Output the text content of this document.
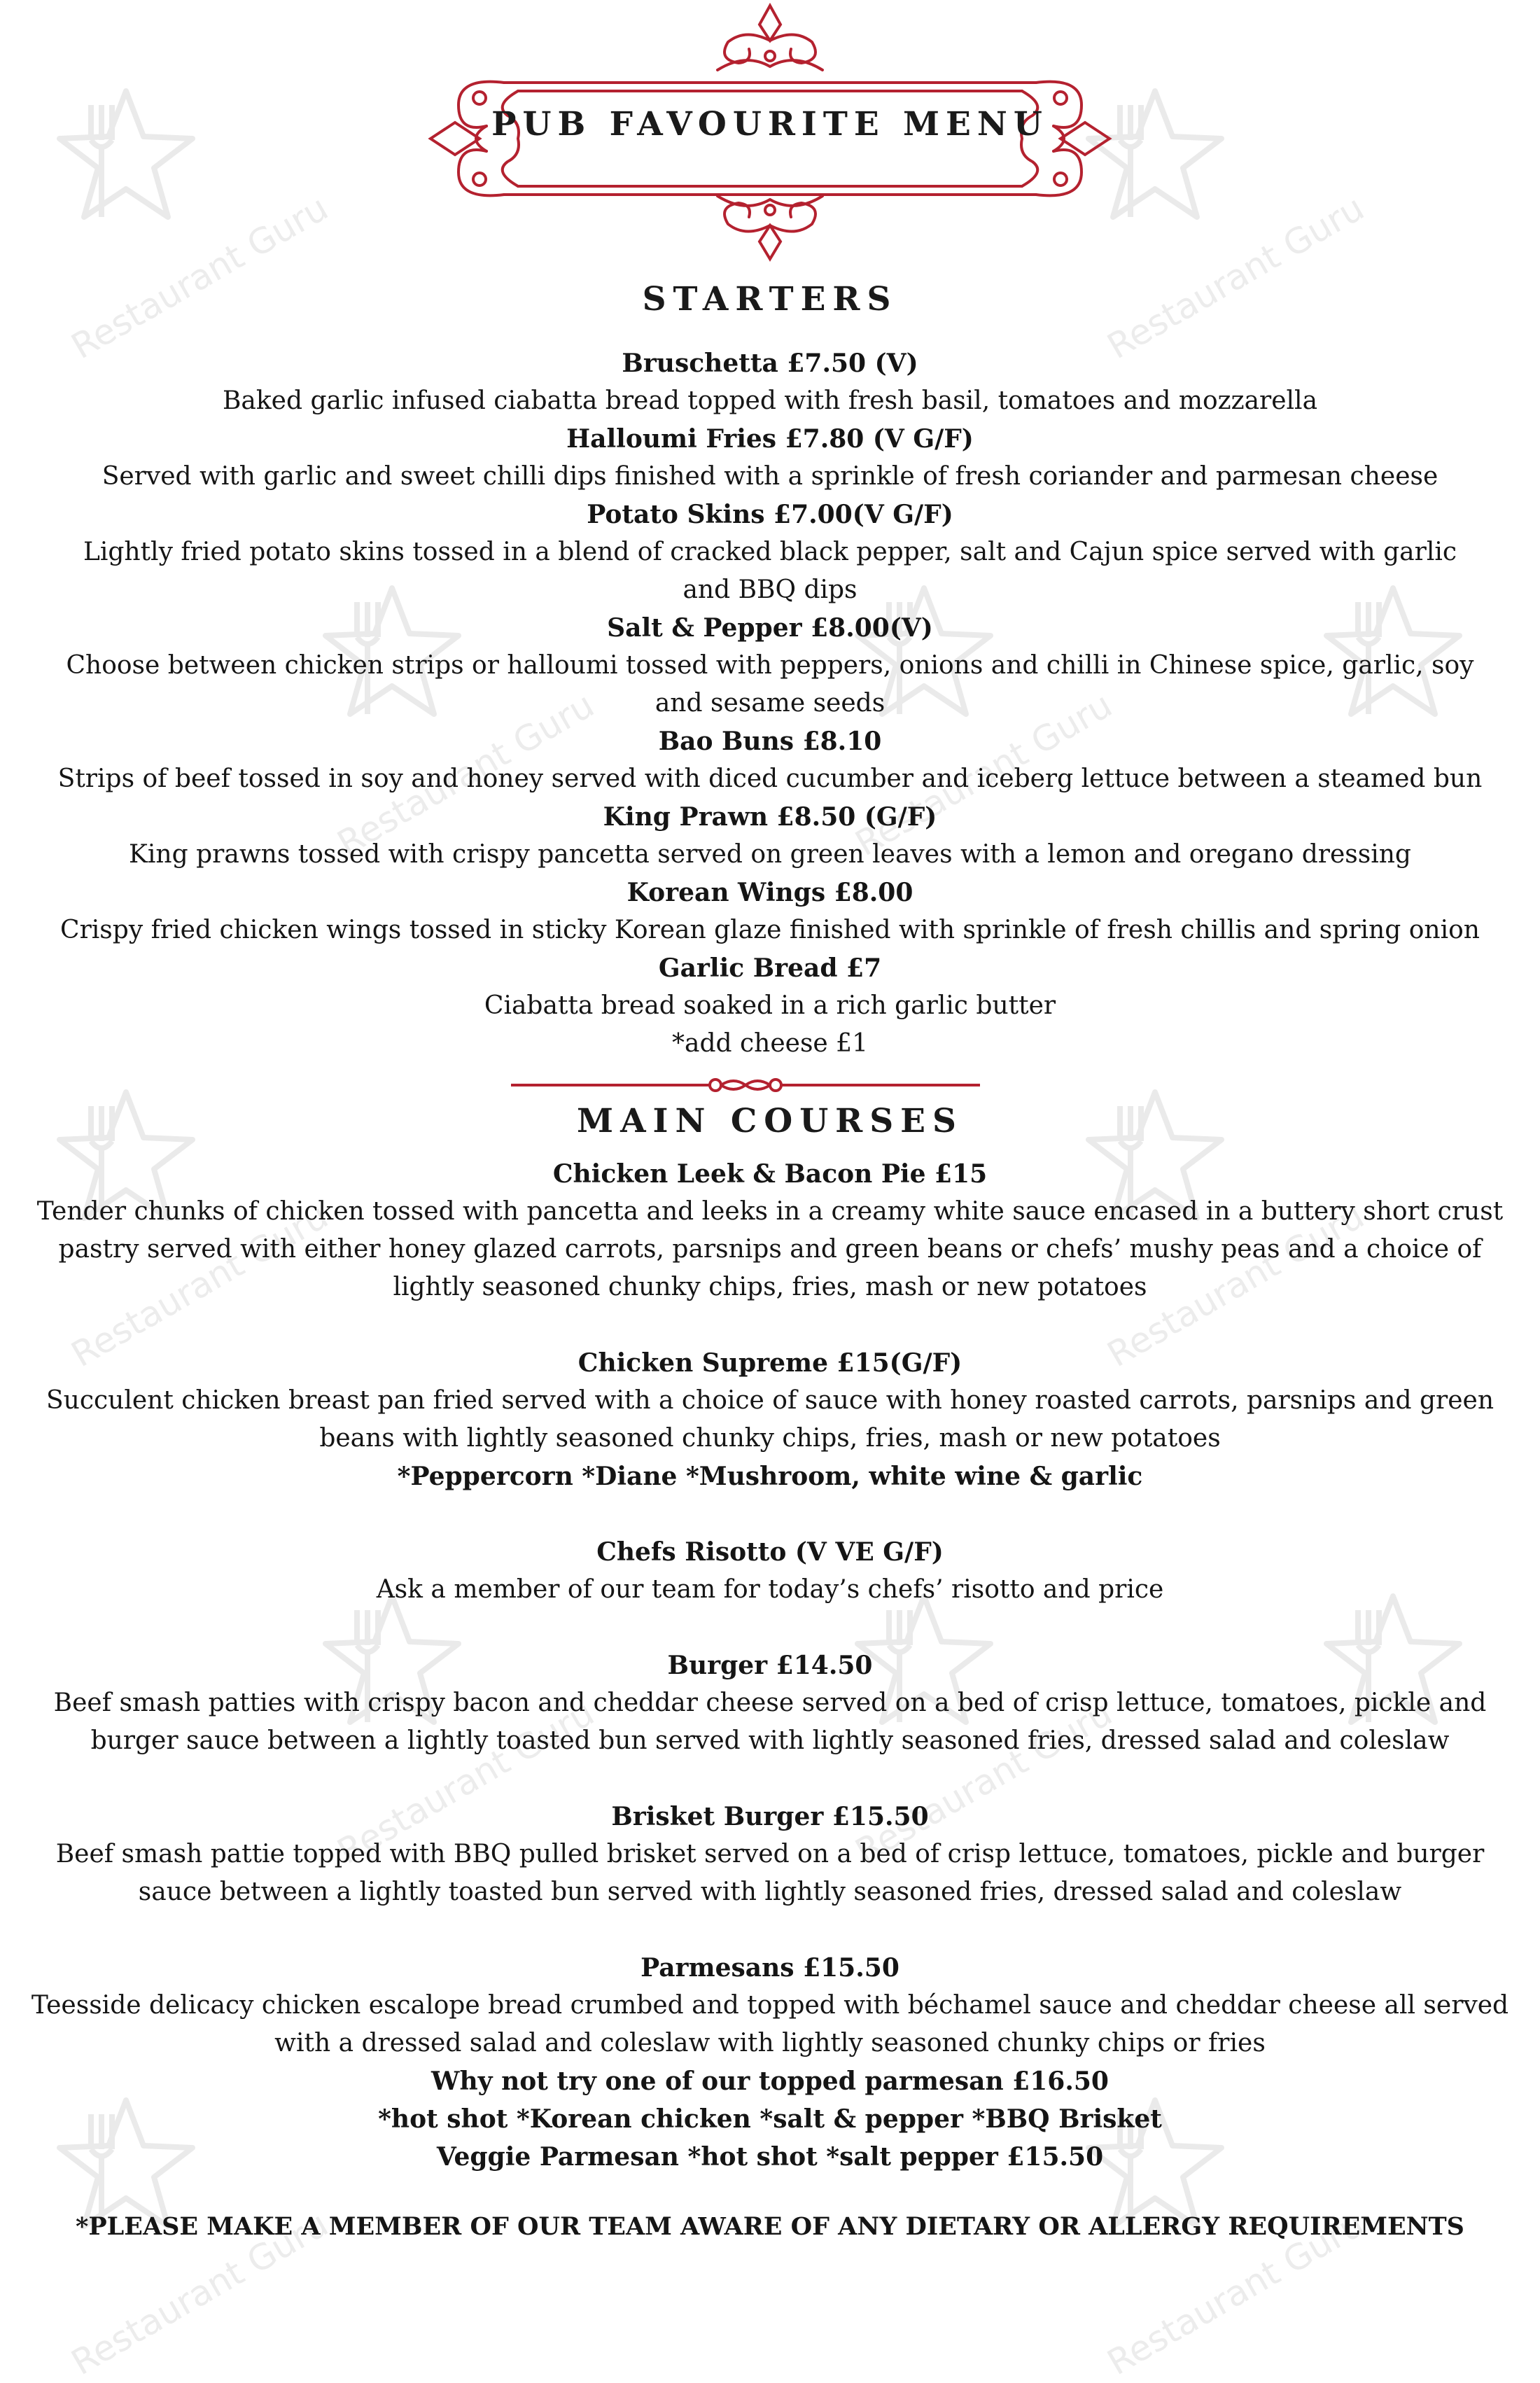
Restaurant Guru	Restaurant Guru
Restaurant Guru	Restaurant Guru
Restaurant Guru	Restaurant Guru
Restaurant Guru	Restaurant Guru
Restaurant Guru	Restaurant Guru
PUB FAVOURITE MENU
STARTERS
Bruschetta £7.50 (V)
Baked garlic infused ciabatta bread topped with fresh basil, tomatoes and mozzarella
Halloumi Fries £7.80 (V G/F)
Served with garlic and sweet chilli dips finished with a sprinkle of fresh coriander and parmesan cheese
Potato Skins £7.00(V G/F)
Lightly fried potato skins tossed in a blend of cracked black pepper, salt and Cajun spice served with garlic and BBQ dips
Salt & Pepper £8.00(V)
Choose between chicken strips or halloumi tossed with peppers, onions and chilli in Chinese spice, garlic, soy and sesame seeds
Bao Buns £8.10
Strips of beef tossed in soy and honey served with diced cucumber and iceberg lettuce between a steamed bun
King Prawn £8.50 (G/F)
King prawns tossed with crispy pancetta served on green leaves with a lemon and oregano dressing
Korean Wings £8.00
Crispy fried chicken wings tossed in sticky Korean glaze finished with sprinkle of fresh chillis and spring onion
Garlic Bread £7
Ciabatta bread soaked in a rich garlic butter
*add cheese £1
MAIN COURSES
Chicken Leek & Bacon Pie £15
Tender chunks of chicken tossed with pancetta and leeks in a creamy white sauce encased in a buttery short crust pastry served with either honey glazed carrots, parsnips and green beans or chefs’ mushy peas and a choice of lightly seasoned chunky chips, fries, mash or new potatoes
Chicken Supreme £15(G/F)
Succulent chicken breast pan fried served with a choice of sauce with honey roasted carrots, parsnips and green beans with lightly seasoned chunky chips, fries, mash or new potatoes
*Peppercorn *Diane *Mushroom, white wine & garlic
Chefs Risotto (V VE G/F)
Ask a member of our team for today’s chefs’ risotto and price
Burger £14.50
Beef smash patties with crispy bacon and cheddar cheese served on a bed of crisp lettuce, tomatoes, pickle and burger sauce between a lightly toasted bun served with lightly seasoned fries, dressed salad and coleslaw
Brisket Burger £15.50
Beef smash pattie topped with BBQ pulled brisket served on a bed of crisp lettuce, tomatoes, pickle and burger sauce between a lightly toasted bun served with lightly seasoned fries, dressed salad and coleslaw
Parmesans £15.50
Teesside delicacy chicken escalope bread crumbed and topped with béchamel sauce and cheddar cheese all served with a dressed salad and coleslaw with lightly seasoned chunky chips or fries
Why not try one of our topped parmesan £16.50
*hot shot *Korean chicken *salt & pepper *BBQ Brisket
Veggie Parmesan *hot shot *salt pepper £15.50
*PLEASE MAKE A MEMBER OF OUR TEAM AWARE OF ANY DIETARY OR ALLERGY REQUIREMENTS
